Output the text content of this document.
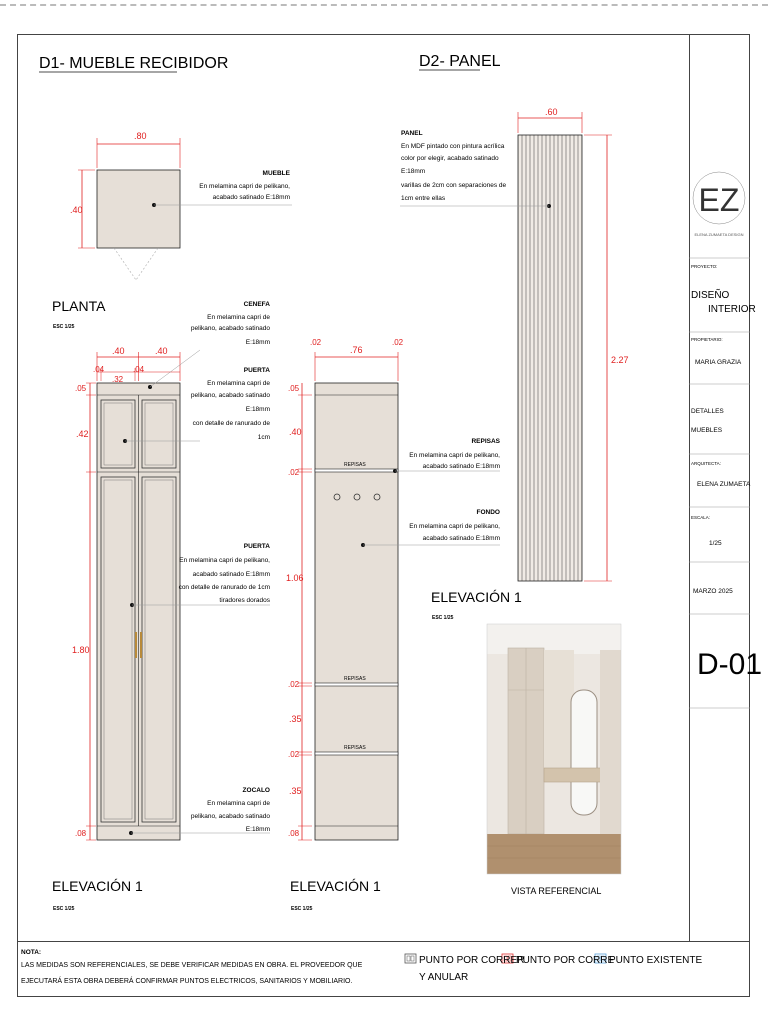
D1- MUEBLE RECIBIDOR	D2- PANEL
.80
.40
MUEBLE
En melamina capri de pelikano,
acabado satinado E:18mm
PLANTA
ESC 1/25
.40	.40
.04
.32
.04
.05
.42
1.80
.08
CENEFA
En melamina capri de
pelikano, acabado satinado
E:18mm
PUERTA
En melamina capri de
pelikano, acabado satinado
E:18mm
con detalle de ranurado de
1cm
PUERTA
En melamina capri de pelikano,
acabado satinado E:18mm
con detalle de ranurado de 1cm
tiradores dorados
ZOCALO
En melamina capri de
pelikano, acabado satinado
E:18mm
ELEVACIÓN 1
ESC 1/25
REPISAS
REPISAS
REPISAS
.02
.76
.02
.05
.40
.02
1.06
.02
.35
.02
.35
.08
REPISAS
En melamina capri de pelikano,
acabado satinado E:18mm
FONDO
En melamina capri de pelikano,
acabado satinado E:18mm
ELEVACIÓN 1
ESC 1/25
.60
2.27
PANEL
En MDF pintado con pintura acrílica
color por elegir, acabado satinado
E:18mm
varillas de 2cm con separaciones de
1cm entre ellas
ELEVACIÓN 1
ESC 1/25
VISTA REFERENCIAL
EZ
ELENA ZUMAETA DESIGN
PROYECTO:
DISEÑO
INTERIOR
PROPIETARIO:
MARIA GRAZIA
DETALLES
MUEBLES
ARQUITECTA:
ELENA ZUMAETA
ESCALA:
1/25
MARZO 2025
D-01
NOTA:
LAS MEDIDAS SON REFERENCIALES, SE DEBE VERIFICAR MEDIDAS EN OBRA. EL PROVEEDOR QUE
EJECUTARÁ ESTA OBRA DEBERÁ CONFIRMAR PUNTOS ELECTRICOS, SANITARIOS Y MOBILIARIO.
PUNTO POR CORRER
PUNTO POR CORRE
PUNTO EXISTENTE
Y ANULAR
